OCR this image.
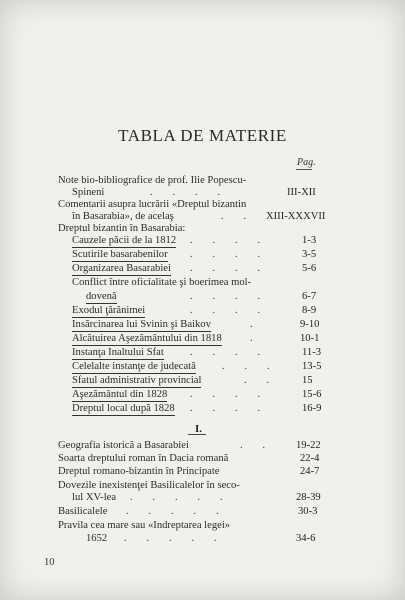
TABLA DE MATERIE
Pag.
Note bio-bibliografice de prof. Ilie Popescu-
Spineni	.        .        .        .	III-XII
Comentarii asupra lucrării «Dreptul bizantin
în Basarabia», de acelaş	.        . XIII-XXXVII
Dreptul bizantin în Basarabia:
Cauzele păcii de la 1812 .        .        .        .	1-3
Scutirile basarabenilor .        .        .        .	3-5
Organizarea Basarabiei .        .        .        .	5-6
Conflict între oficialitate şi boerimea mol-
dovenă	.        .        .        .	6-7
Exodul ţărănimei	.        .        .        .	8-9
Insărcinarea lui Svinin şi Baikov	.	9-10
Alcătuirea Aşezământului din 1818	.	10-1
Instanţa Inaltului Sfat	.        .        .        .	11-3
Celelalte instanţe de judecată	.        .        .	13-5
Sfatul administrativ provincial	.        .	15
Aşezământul din 1828 .        .        .        .	15-6
Dreptul local după 1828 .        .        .        .	16-9
I.
Geografia istorică a Basarabiei	.        .	19-22
Soarta dreptului roman în Dacia romană	22-4
Dreptul romano-bizantin în Principate	24-7
Dovezile inexistenţei Basilicalelor în seco-
lul XV-lea .        .        .        .        .	28-39
Basilicalele .        .        .        .        .	30-3
Pravila cea mare sau «Indreptarea legei»
1652 .        .        .        .        .	34-6
10
